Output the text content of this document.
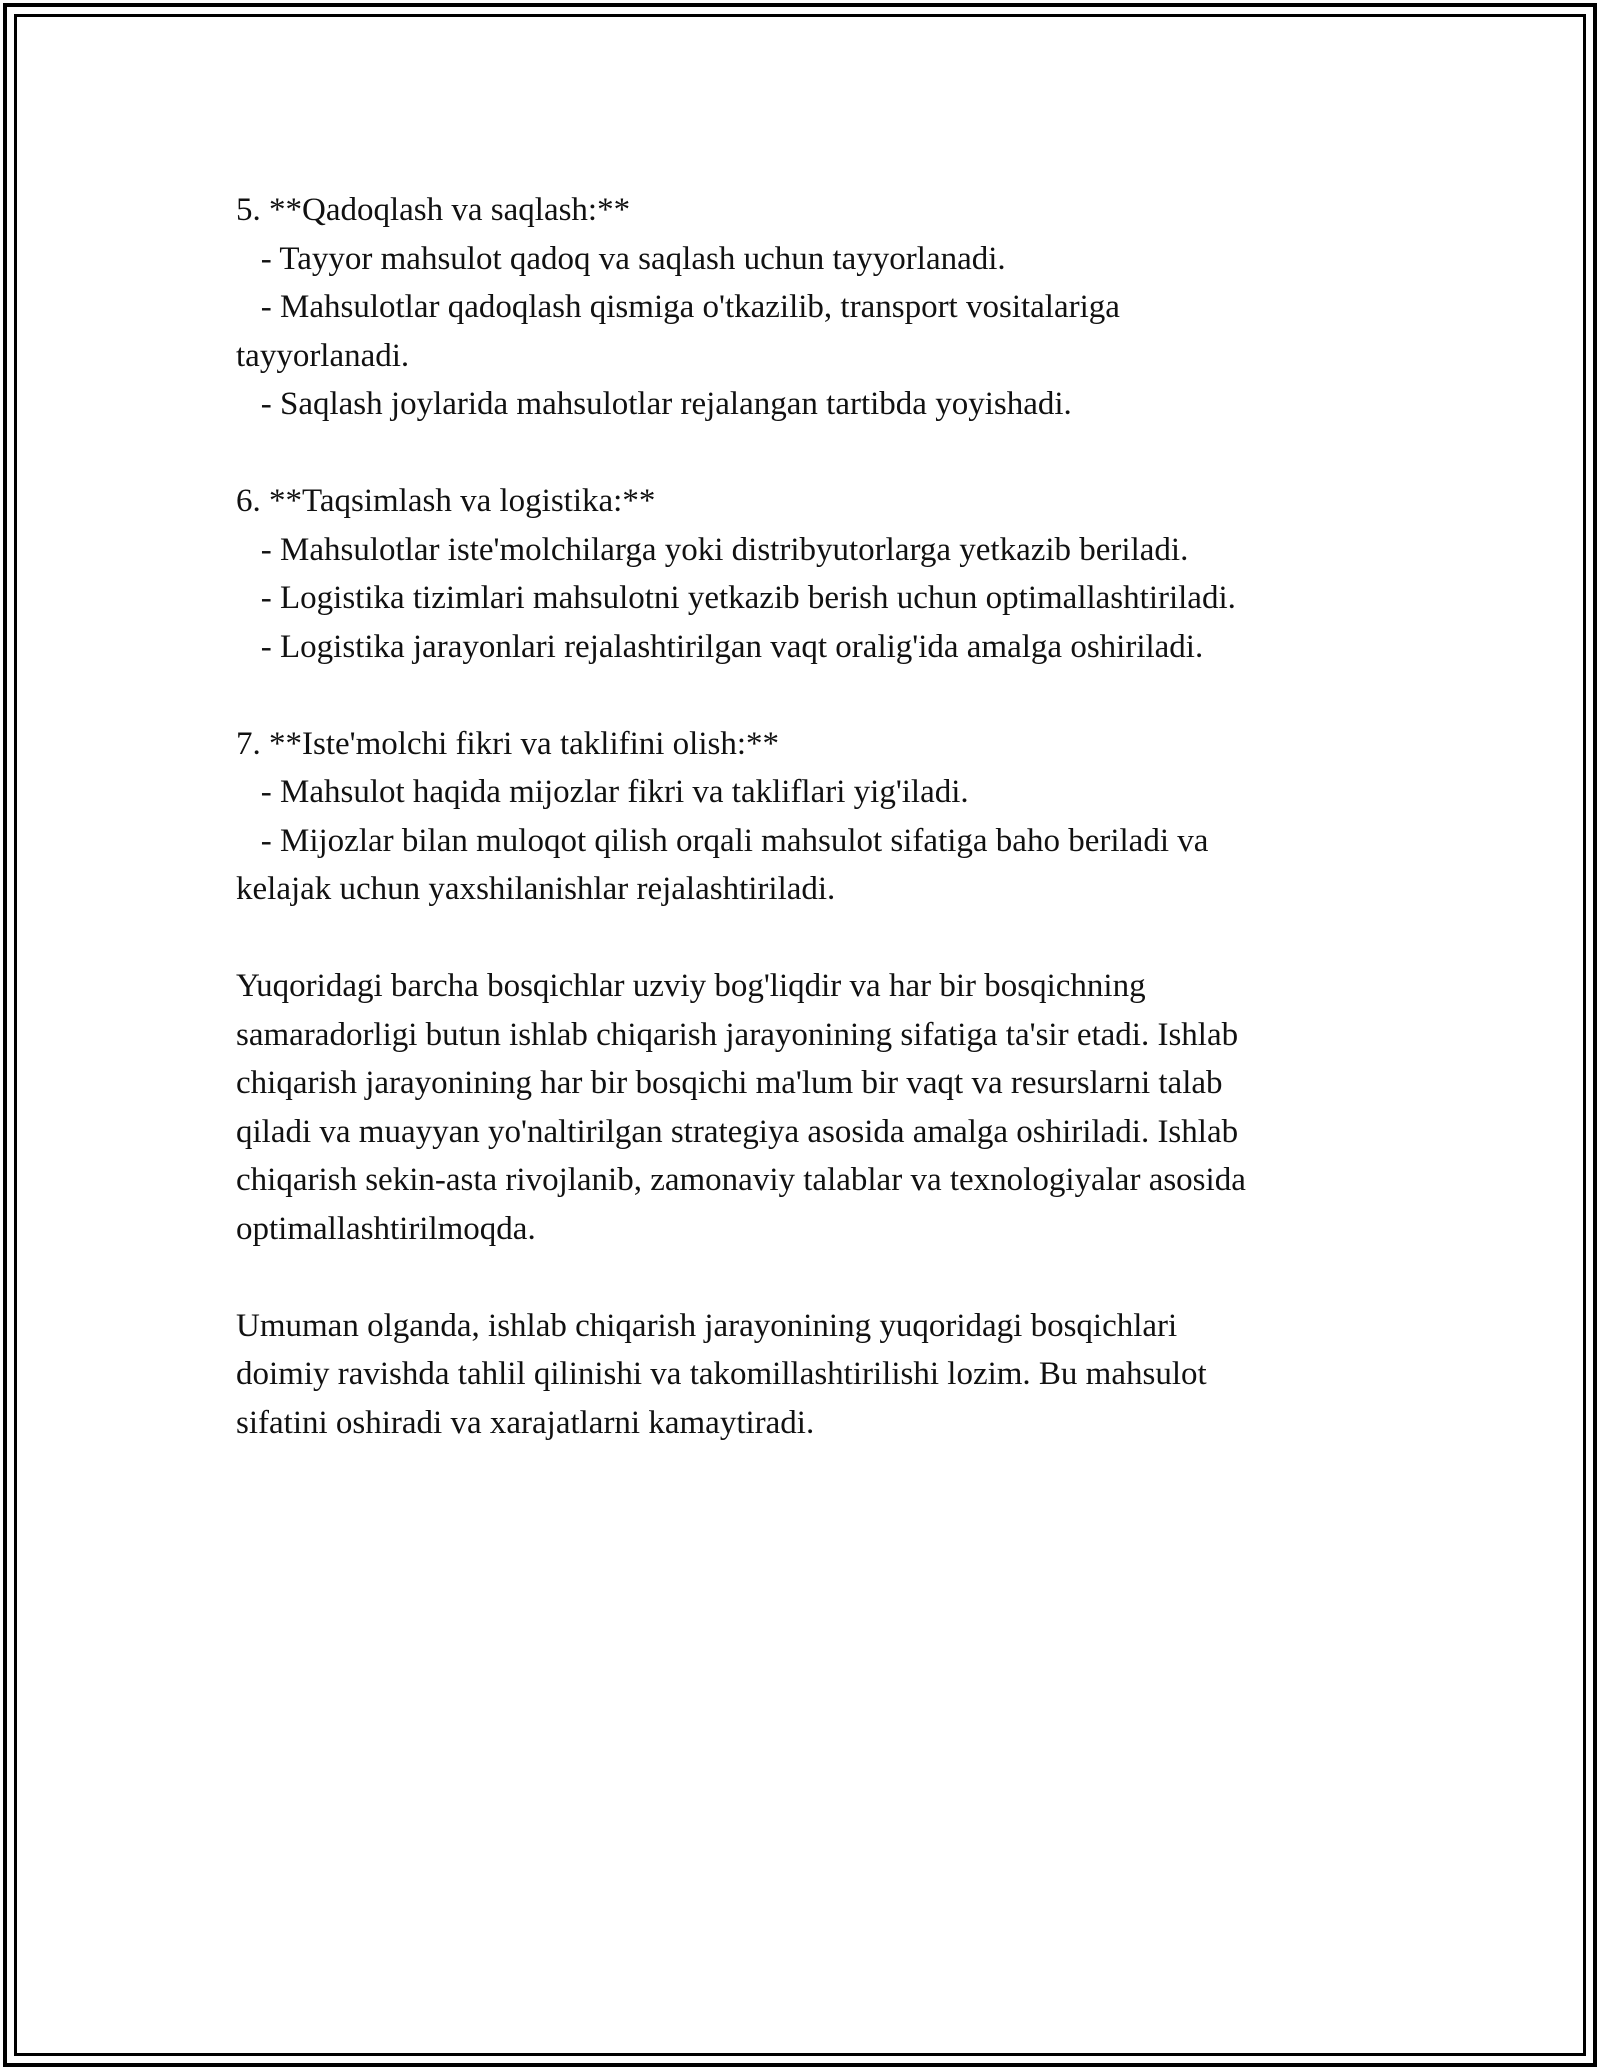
5. **Qadoqlash va saqlash:**
- Tayyor mahsulot qadoq va saqlash uchun tayyorlanadi.
- Mahsulotlar qadoqlash qismiga o'tkazilib, transport vositalariga
tayyorlanadi.
- Saqlash joylarida mahsulotlar rejalangan tartibda yoyishadi.
6. **Taqsimlash va logistika:**
- Mahsulotlar iste'molchilarga yoki distribyutorlarga yetkazib beriladi.
- Logistika tizimlari mahsulotni yetkazib berish uchun optimallashtiriladi.
- Logistika jarayonlari rejalashtirilgan vaqt oralig'ida amalga oshiriladi.
7. **Iste'molchi fikri va taklifini olish:**
- Mahsulot haqida mijozlar fikri va takliflari yig'iladi.
- Mijozlar bilan muloqot qilish orqali mahsulot sifatiga baho beriladi va
kelajak uchun yaxshilanishlar rejalashtiriladi.
Yuqoridagi barcha bosqichlar uzviy bog'liqdir va har bir bosqichning
samaradorligi butun ishlab chiqarish jarayonining sifatiga ta'sir etadi. Ishlab
chiqarish jarayonining har bir bosqichi ma'lum bir vaqt va resurslarni talab
qiladi va muayyan yo'naltirilgan strategiya asosida amalga oshiriladi. Ishlab
chiqarish sekin-asta rivojlanib, zamonaviy talablar va texnologiyalar asosida
optimallashtirilmoqda.
Umuman olganda, ishlab chiqarish jarayonining yuqoridagi bosqichlari
doimiy ravishda tahlil qilinishi va takomillashtirilishi lozim. Bu mahsulot
sifatini oshiradi va xarajatlarni kamaytiradi.
